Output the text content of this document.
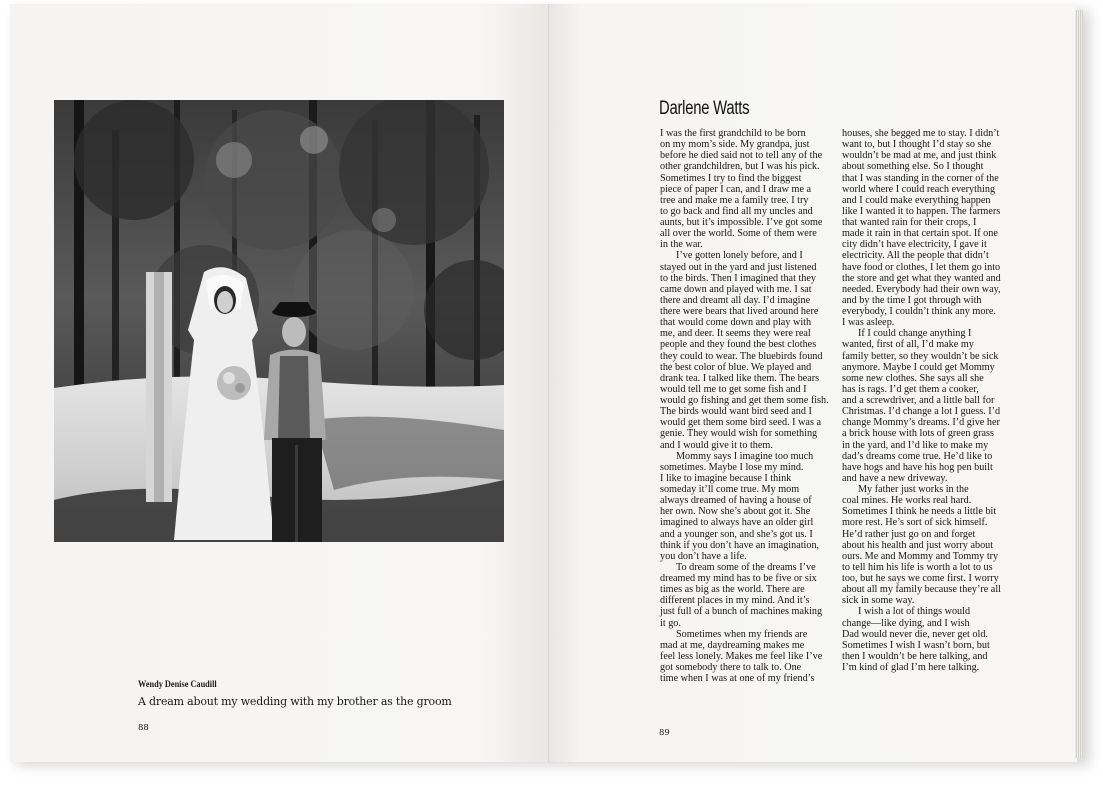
Wendy Denise Caudill
A dream about my wedding with my brother as the groom
88
Darlene Watts

I was the first grandchild to be born

on my mom’s side. My grandpa, just

before he died said not to tell any of the

other grandchildren, but I was his pick.

Sometimes I try to find the biggest

piece of paper I can, and I draw me a

tree and make me a family tree. I try

to go back and find all my uncles and

aunts, but it’s impossible. I’ve got some

all over the world. Some of them were

in the war.

I’ve gotten lonely before, and I

stayed out in the yard and just listened

to the birds. Then I imagined that they

came down and played with me. I sat

there and dreamt all day. I’d imagine

there were bears that lived around here

that would come down and play with

me, and deer. It seems they were real

people and they found the best clothes

they could to wear. The bluebirds found

the best color of blue. We played and

drank tea. I talked like them. The bears

would tell me to get some fish and I

would go fishing and get them some fish.

The birds would want bird seed and I

would get them some bird seed. I was a

genie. They would wish for something

and I would give it to them.

Mommy says I imagine too much

sometimes. Maybe I lose my mind.

I like to imagine because I think

someday it’ll come true. My mom

always dreamed of having a house of

her own. Now she’s about got it. She

imagined to always have an older girl

and a younger son, and she’s got us. I

think if you don’t have an imagination,

you don’t have a life.

To dream some of the dreams I’ve

dreamed my mind has to be five or six

times as big as the world. There are

different places in my mind. And it’s

just full of a bunch of machines making

it go.

Sometimes when my friends are

mad at me, daydreaming makes me

feel less lonely. Makes me feel like I’ve

got somebody there to talk to. One

time when I was at one of my friend’s

houses, she begged me to stay. I didn’t

want to, but I thought I’d stay so she

wouldn’t be mad at me, and just think

about something else. So I thought

that I was standing in the corner of the

world where I could reach everything

and I could make everything happen

like I wanted it to happen. The farmers

that wanted rain for their crops, I

made it rain in that certain spot. If one

city didn’t have electricity, I gave it

electricity. All the people that didn’t

have food or clothes, I let them go into

the store and get what they wanted and

needed. Everybody had their own way,

and by the time I got through with

everybody, I couldn’t think any more.

I was asleep.

If I could change anything I

wanted, first of all, I’d make my

family better, so they wouldn’t be sick

anymore. Maybe I could get Mommy

some new clothes. She says all she

has is rags. I’d get them a cooker,

and a screwdriver, and a little ball for

Christmas. I’d change a lot I guess. I’d

change Mommy’s dreams. I’d give her

a brick house with lots of green grass

in the yard, and I’d like to make my

dad’s dreams come true. He’d like to

have hogs and have his hog pen built

and have a new driveway.

My father just works in the

coal mines. He works real hard.

Sometimes I think he needs a little bit

more rest. He’s sort of sick himself.

He’d rather just go on and forget

about his health and just worry about

ours. Me and Mommy and Tommy try

to tell him his life is worth a lot to us

too, but he says we come first. I worry

about all my family because they’re all

sick in some way.

I wish a lot of things would

change—like dying, and I wish

Dad would never die, never get old.

Sometimes I wish I wasn’t born, but

then I wouldn’t be here talking, and

I’m kind of glad I’m here talking.

89
